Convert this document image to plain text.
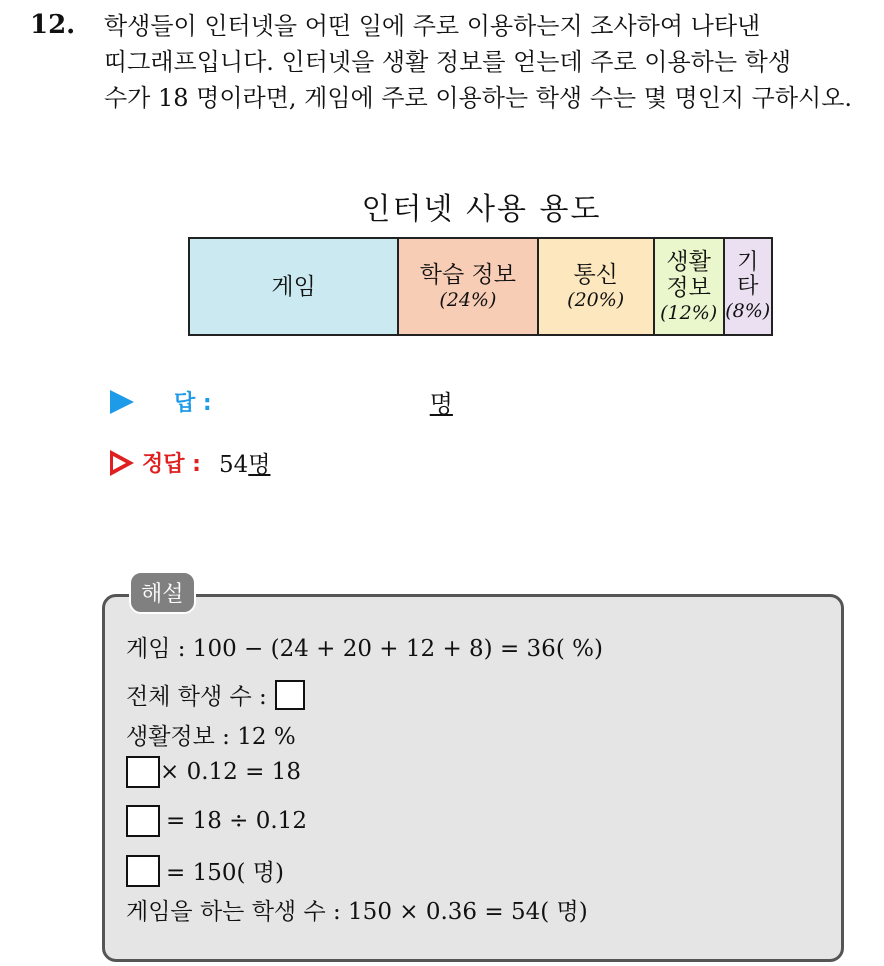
12. 학생들이 인터넷을 어떤 일에 주로 이용하는지 조사하여 나타낸
띠그래프입니다. 인터넷을 생활 정보를 얻는데 주로 이용하는 학생
수가 18 명이라면, 게임에 주로 이용하는 학생 수는 몇 명인지 구하시오.
인터넷 사용 용도
게임	학습 정보
(24%)
통신
(20%)
생활 정보
(12%)
기타
(8%)
답 :	명
정답 : 54명
해설
게임 : 100 − (24 + 20 + 12 + 8) = 36( %)
전체 학생 수 :
생활정보 : 12 %
× 0.12 = 18
= 18 ÷ 0.12
= 150( 명)
게임을 하는 학생 수 : 150 × 0.36 = 54( 명)
